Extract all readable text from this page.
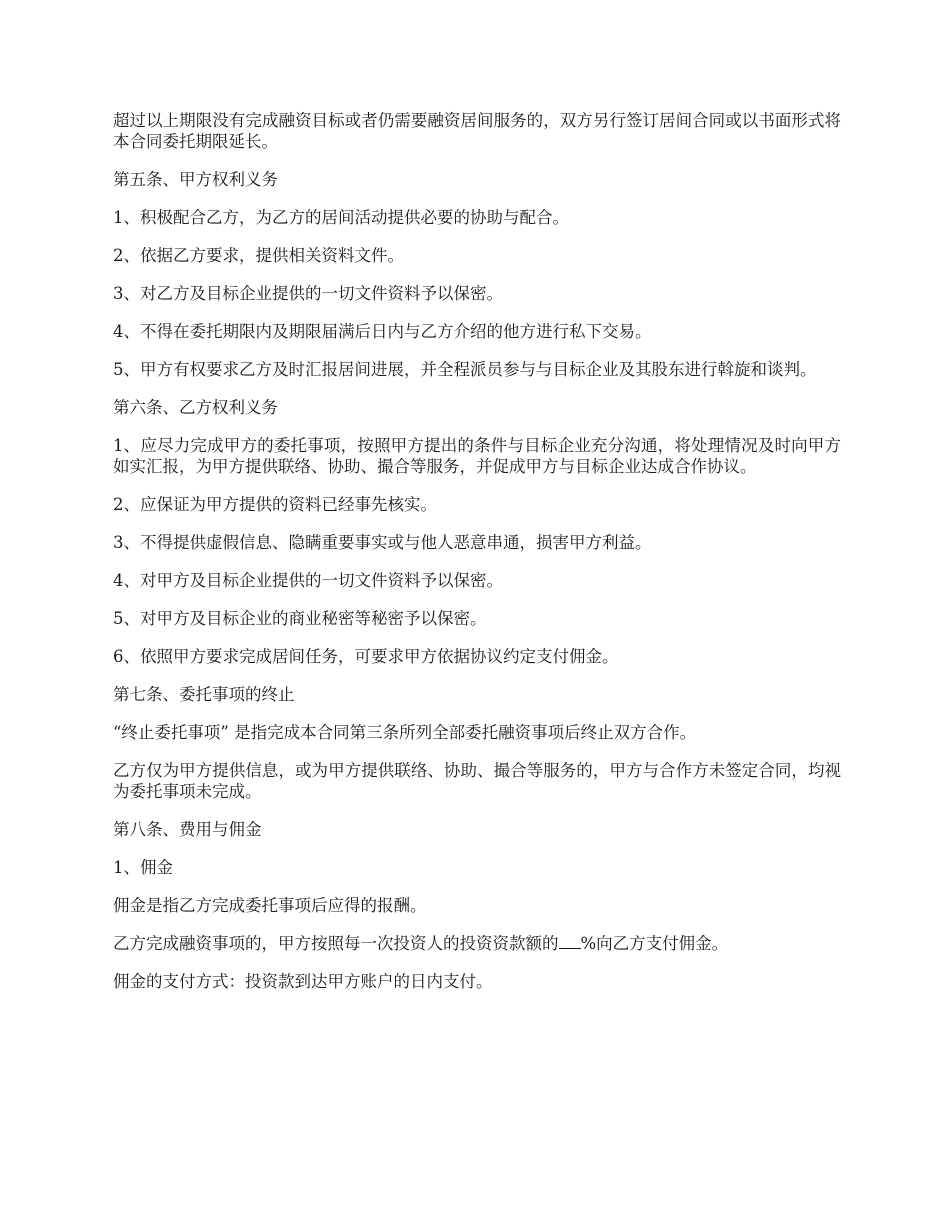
超过以上期限没有完成融资目标或者仍需要融资居间服务的，双方另行签订居间合同或以书面形式将本合同委托期限延长。

第五条、甲方权利义务

1、积极配合乙方，为乙方的居间活动提供必要的协助与配合。

2、依据乙方要求，提供相关资料文件。

3、对乙方及目标企业提供的一切文件资料予以保密。

4、不得在委托期限内及期限届满后日内与乙方介绍的他方进行私下交易。

5、甲方有权要求乙方及时汇报居间进展，并全程派员参与与目标企业及其股东进行斡旋和谈判。

第六条、乙方权利义务

1、应尽力完成甲方的委托事项，按照甲方提出的条件与目标企业充分沟通，将处理情况及时向甲方如实汇报，为甲方提供联络、协助、撮合等服务，并促成甲方与目标企业达成合作协议。

2、应保证为甲方提供的资料已经事先核实。

3、不得提供虚假信息、隐瞒重要事实或与他人恶意串通，损害甲方利益。

4、对甲方及目标企业提供的一切文件资料予以保密。

5、对甲方及目标企业的商业秘密等秘密予以保密。

6、依照甲方要求完成居间任务，可要求甲方依据协议约定支付佣金。

第七条、委托事项的终止

“终止委托事项” 是指完成本合同第三条所列全部委托融资事项后终止双方合作。

乙方仅为甲方提供信息，或为甲方提供联络、协助、撮合等服务的，甲方与合作方未签定合同，均视为委托事项未完成。

第八条、费用与佣金

1、佣金

佣金是指乙方完成委托事项后应得的报酬。

乙方完成融资事项的，甲方按照每一次投资人的投资资款额的 %向乙方支付佣金。

佣金的支付方式：投资款到达甲方账户的日内支付。
